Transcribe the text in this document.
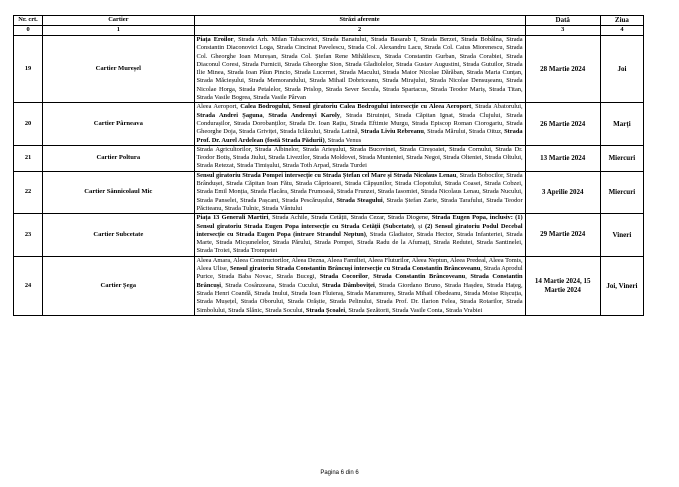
Nr. crt.	Cartier	Străzi aferente	Dată	Ziua
0	1	2	3	4
19	Cartier Mureșel	Piața Eroilor, Strada Arh. Milan Tabacovici, Strada Banatului, Strada Basarab I, Strada Berzei, Strada Bobâlna, Strada Constantin Diaconovici Loga, Strada Cincinat Pavelescu, Strada Col. Alexandru Lacu, Strada Col. Caius Miorenescu, Strada Col. Gheorghe Ioan Mureșan, Strada Col. Ștefan Rene Mihăilescu, Strada Constantin Gurban, Strada Corabiei, Strada Diaconul Coresi, Strada Furnicii, Strada Gheorghe Sion, Strada Gladiolelor, Strada Gustav Augustini, Strada Gutuilor, Strada Ilie Minea, Strada Ioan Pâun Pincio, Strada Lucernei, Strada Macului, Strada Maior Nicolae Dărăban, Strada Maria Cunțan, Strada Măcieșului, Strada Memorandului, Strada Mihail Dobriceanu, Strada Mirajului, Strada Nicolae Densușeanu, Strada Nicolae Horga, Strada Petalelor, Strada Prislop, Strada Sever Secula, Strada Spartacus, Strada Teodor Mariș, Strada Titan, Strada Vasile Bogrea, Strada Vasile Pârvan	28 Martie 2024	Joi
20	Cartier Pârneava	Aleea Aeroport, Calea Bodrogului, Sensul giratoriu Calea Bodrogului intersecție cu Aleea Aeroport, Strada Abatorului, Strada Andrei Șaguna, Strada Andrenyi Karoly, Strada Biruinței, Strada Căpitan Ignat, Strada Clujului, Strada Condurașilor, Strada Dorobanților, Strada Dr. Ioan Rațiu, Strada Eftimie Murgu, Strada Episcop Roman Ciorogariu, Strada Gheorghe Doja, Strada Griviței, Strada Iclăzului, Strada Latină, Strada Liviu Rebreanu, Strada Mărului, Strada Oituz, Strada Prof. Dr. Aurel Ardelean (fostă Strada Pădurii), Strada Venus	26 Martie 2024	Marți
21	Cartier Poltura	Strada Agricultorilor, Strada Albinelor, Strada Arieșului, Strada Bucovinei, Strada Cireșoaiei, Strada Cornului, Strada Dr. Teodor Botiș, Strada Jiului, Strada Livezilor, Strada Moldovei, Strada Munteniei, Strada Negoi, Strada Olteniei, Strada Oltului, Strada Retezat, Strada Timișului, Strada Toth Arpad, Strada Turdei	13 Martie 2024	Miercuri
22	Cartier Sânnicolaul Mic	Sensul giratoriu Strada Pompei intersecție cu Strada Ștefan cel Mare și Strada Nicolaus Lenau, Strada Bobocilor, Strada Brândușei, Strada Căpitan Ioan Fătu, Strada Căprioarei, Strada Căpșunilor, Strada Clopotului, Strada Coasei, Strada Cobzei, Strada Emil Monția, Strada Flacăra, Strada Frumoasă, Strada Frunzei, Strada Iasomiei, Strada Nicolaus Lenau, Strada Nucului, Strada Panselei, Strada Pașcani, Strada Pescărușului, Strada Steagului, Strada Ștefan Zarie, Strada Tarafului, Strada Teodor Păciteanu, Strada Tulnic, Strada Vântului	3 Aprilie 2024	Miercuri
23	Cartier Subcetate	Piața 13 Generali Martiri, Strada Achile, Strada Cetății, Strada Cezar, Strada Diogene, Strada Eugen Popa, inclusiv: (1) Sensul giratoriu Strada Eugen Popa intersecție cu Strada Cetății (Subcetate), și (2) Sensul giratoriu Podul Decebal intersecție cu Strada Eugen Popa (intrare Strandul Neptun), Strada Gladiator, Strada Hector, Strada Infanteriei, Strada Marte, Strada Micșunelelor, Strada Părului, Strada Pompei, Strada Radu de la Afumați, Strada Redutei, Strada Santinelei, Strada Troiei, Strada Trompetei	29 Martie 2024	Vineri
24	Cartier Șega	Aleea Amara, Aleea Constructorilor, Aleea Dezna, Aleea Familiei, Aleea Fluturilor, Aleea Neptun, Aleea Predeal, Aleea Tomis, Aleea Ulise, Sensul giratoriu Strada Constantin Brâncuși intersecție cu Strada Constantin Brâncoveanu, Strada Aprodul Purice, Strada Baba Novac, Strada Bucegi, Strada Cocorilor, Strada Constantin Brâncoveanu, Strada Constantin Brâncuși, Strada Cosânzeana, Strada Cucului, Strada Dâmboviței, Strada Giordano Bruno, Strada Hașdeu, Strada Hațeg, Strada Henri Coandă, Strada Inului, Strada Ioan Fluieraș, Strada Maramureș, Strada Mihail Obedeanu, Strada Moise Rișcuția, Strada Mușețel, Strada Oborului, Strada Orăștie, Strada Pelinului, Strada Prof. Dr. Ilarion Felea, Strada Rotarilor, Strada Simbolului, Strada Slănic, Strada Socului, Strada Școalei, Strada Șezătorii, Strada Vasile Conta, Strada Vrabiei	14 Martie 2024, 15 Martie 2024	Joi, Vineri
Pagina 6 din 6
